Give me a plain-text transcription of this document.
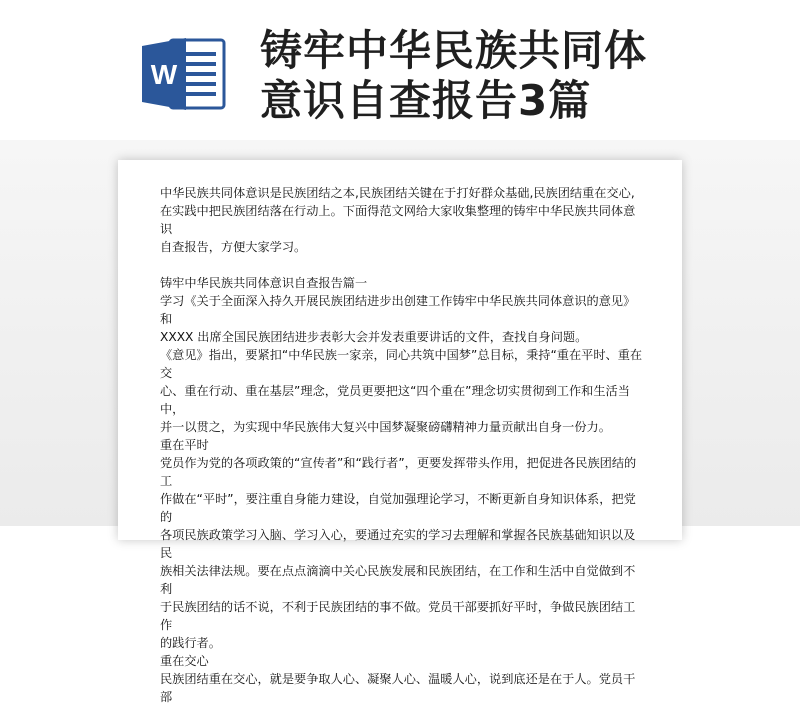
W 铸牢中华民族共同体
意识自查报告3篇

中华民族共同体意识是民族团结之本,民族团结关键在于打好群众基础,民族团结重在交心,

在实践中把民族团结落在行动上。下面得范文网给大家收集整理的铸牢中华民族共同体意识

自查报告，方便大家学习。

铸牢中华民族共同体意识自查报告篇一

学习《关于全面深入持久开展民族团结进步出创建工作铸牢中华民族共同体意识的意见》和

XXXX 出席全国民族团结进步表彰大会并发表重要讲话的文件，查找自身问题。

《意见》指出，要紧扣“中华民族一家亲，同心共筑中国梦”总目标，秉持“重在平时、重在交

心、重在行动、重在基层”理念，党员更要把这“四个重在”理念切实贯彻到工作和生活当中，

并一以贯之，为实现中华民族伟大复兴中国梦凝聚磅礴精神力量贡献出自身一份力。

重在平时

党员作为党的各项政策的“宣传者”和“践行者”，更要发挥带头作用，把促进各民族团结的工

作做在“平时”，要注重自身能力建设，自觉加强理论学习，不断更新自身知识体系，把党的

各项民族政策学习入脑、学习入心，要通过充实的学习去理解和掌握各民族基础知识以及民

族相关法律法规。要在点点滴滴中关心民族发展和民族团结，在工作和生活中自觉做到不利

于民族团结的话不说，不利于民族团结的事不做。党员干部要抓好平时，争做民族团结工作

的践行者。

重在交心

民族团结重在交心，就是要争取人心、凝聚人心、温暖人心，说到底还是在于人。党员干部
